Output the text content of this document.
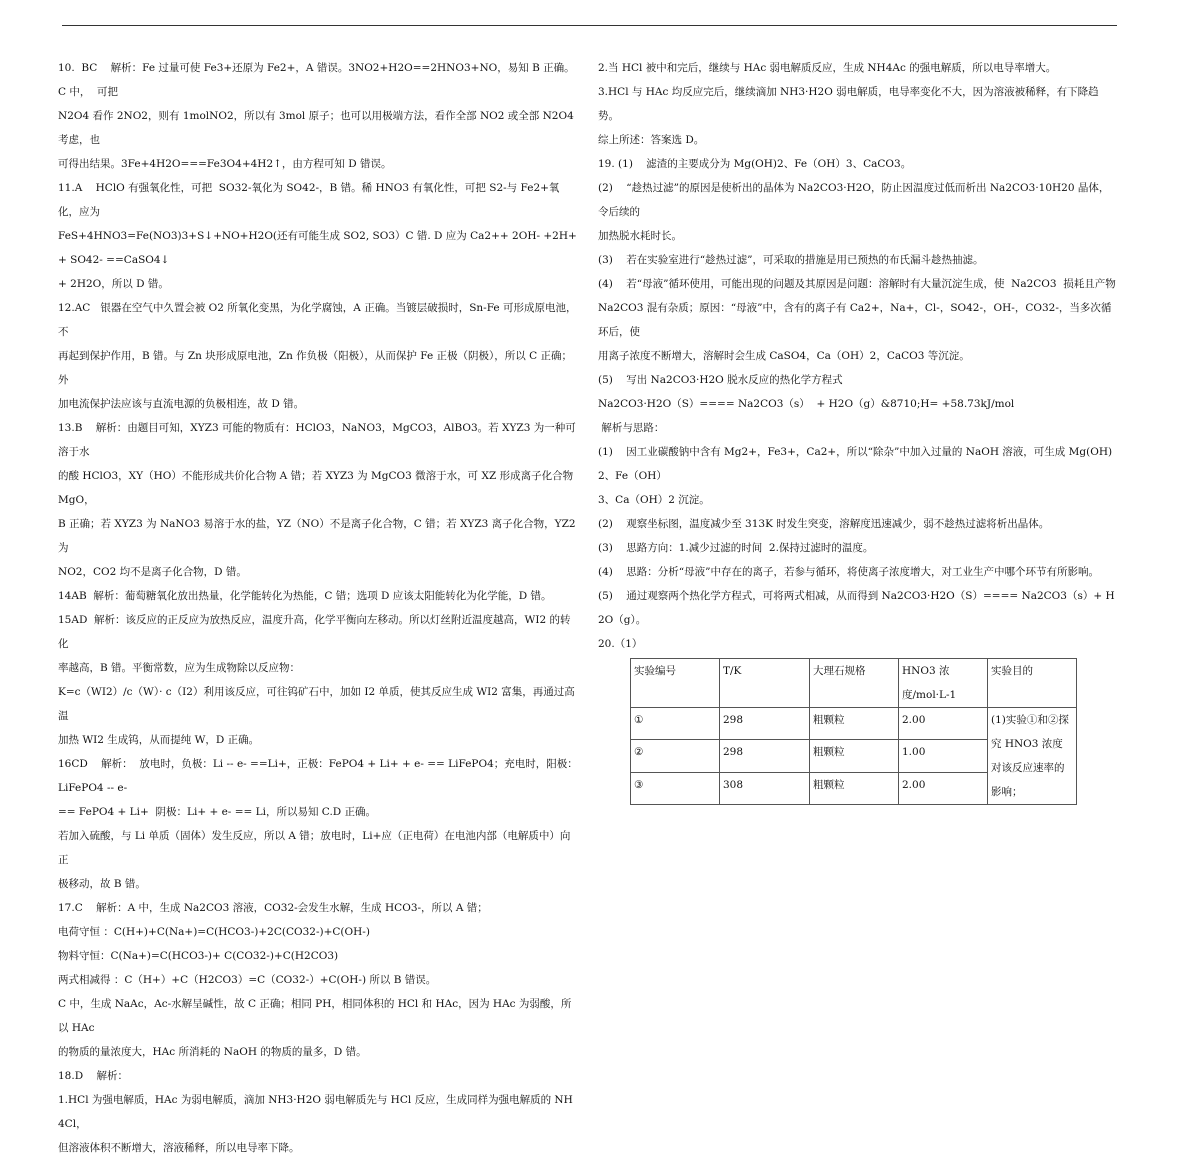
10.  BC    解析：Fe 过量可使 Fe3+还原为 Fe2+，A 错误。3NO2+H2O==2HNO3+NO，易知 B 正确。C 中，  可把

N2O4 看作 2NO2，则有 1molNO2，所以有 3mol 原子；也可以用极端方法，看作全部 NO2 或全部 N2O4 考虑，也

可得出结果。3Fe+4H2O===Fe3O4+4H2↑，由方程可知 D 错误。

11.A    HClO 有强氧化性，可把  SO32-氧化为 SO42-，B 错。稀 HNO3 有氧化性，可把 S2-与 Fe2+氧化，应为

FeS+4HNO3=Fe(NO3)3+S↓+NO+H2O(还有可能生成 SO2, SO3）C 错. D 应为 Ca2++ 2OH- +2H+ + SO42- ==CaSO4↓

+ 2H2O，所以 D 错。

12.AC   银器在空气中久置会被 O2 所氧化变黑，为化学腐蚀，A 正确。当镀层破损时，Sn-Fe 可形成原电池，不

再起到保护作用，B 错。与 Zn 块形成原电池，Zn 作负极（阳极），从而保护 Fe 正极（阴极），所以 C 正确；外

加电流保护法应该与直流电源的负极相连，故 D 错。

13.B    解析：由题目可知，XYZ3 可能的物质有：HClO3，NaNO3，MgCO3，AlBO3。若 XYZ3 为一种可溶于水

的酸 HClO3，XY（HO）不能形成共价化合物 A 错；若 XYZ3 为 MgCO3 微溶于水，可 XZ 形成离子化合物 MgO，

B 正确；若 XYZ3 为 NaNO3 易溶于水的盐，YZ（NO）不是离子化合物，C 错；若 XYZ3 离子化合物，YZ2 为

NO2，CO2 均不是离子化合物，D 错。

14AB  解析：葡萄糖氧化放出热量，化学能转化为热能，C 错；选项 D 应该太阳能转化为化学能，D 错。

15AD  解析：该反应的正反应为放热反应，温度升高，化学平衡向左移动。所以灯丝附近温度越高，WI2 的转化

率越高，B 错。平衡常数，应为生成物除以反应物：

K=c（WI2）/c（W）· c（I2）利用该反应，可往钨矿石中，加如 I2 单质，使其反应生成 WI2 富集，再通过高温

加热 WI2 生成钨，从而提纯 W，D 正确。

16CD    解析：  放电时，负极：Li -- e- ==Li+，正极：FePO4 + Li+ + e- == LiFePO4；充电时，阳极：LiFePO4 -- e-

== FePO4 + Li+  阴极：Li+ + e- == Li，所以易知 C.D 正确。

若加入硫酸，与 Li 单质（固体）发生反应，所以 A 错；放电时，Li+应（正电荷）在电池内部（电解质中）向正

极移动，故 B 错。

17.C    解析：A 中，生成 Na2CO3 溶液，CO32-会发生水解，生成 HCO3-，所以 A 错；

电荷守恒 ：C(H+)+C(Na+)=C(HCO3-)+2C(CO32-)+C(OH-)

物料守恒：C(Na+)=C(HCO3-)+ C(CO32-)+C(H2CO3)

两式相减得 ：C（H+）+C（H2CO3）=C（CO32-）+C(OH-) 所以 B 错误。

C 中，生成 NaAc，Ac-水解呈碱性，故 C 正确；相同 PH，相同体积的 HCl 和 HAc，因为 HAc 为弱酸，所以 HAc

的物质的量浓度大，HAc 所消耗的 NaOH 的物质的量多，D 错。

18.D    解析：

1.HCl 为强电解质，HAc 为弱电解质，滴加 NH3·H2O 弱电解质先与 HCl 反应，生成同样为强电解质的 NH4Cl，

但溶液体积不断增大，溶液稀释，所以电导率下降。

2.当 HCl 被中和完后，继续与 HAc 弱电解质反应，生成 NH4Ac 的强电解质，所以电导率增大。

3.HCl 与 HAc 均反应完后，继续滴加 NH3·H2O 弱电解质，电导率变化不大，因为溶液被稀释，有下降趋势。

综上所述：答案选 D。

19. (1)    滤渣的主要成分为 Mg(OH)2、Fe（OH）3、CaCO3。

(2)    “趁热过滤”的原因是使析出的晶体为 Na2CO3·H2O，防止因温度过低而析出 Na2CO3·10H20 晶体，令后续的

加热脱水耗时长。

(3)    若在实验室进行“趁热过滤”，可采取的措施是用已预热的布氏漏斗趁热抽滤。

(4)    若“母液”循环使用，可能出现的问题及其原因是问题：溶解时有大量沉淀生成，使  Na2CO3  损耗且产物

Na2CO3 混有杂质；原因：“母液”中，含有的离子有 Ca2+，Na+，Cl-，SO42-，OH-，CO32-，当多次循环后，使

用离子浓度不断增大，溶解时会生成 CaSO4，Ca（OH）2，CaCO3 等沉淀。

(5)    写出 Na2CO3·H2O 脱水反应的热化学方程式

Na2CO3·H2O（S）==== Na2CO3（s）  + H2O（g）&8710;H= +58.73kJ/mol

解析与思路：

(1)    因工业碳酸钠中含有 Mg2+，Fe3+，Ca2+，所以“除杂”中加入过量的 NaOH 溶液，可生成 Mg(OH)2、Fe（OH）

3、Ca（OH）2 沉淀。

(2)    观察坐标图，温度减少至 313K 时发生突变，溶解度迅速减少，弱不趁热过滤将析出晶体。

(3)    思路方向：1.减少过滤的时间  2.保持过滤时的温度。

(4)    思路：分析“母液”中存在的离子，若参与循环，将使离子浓度增大，对工业生产中哪个环节有所影响。

(5)    通过观察两个热化学方程式，可将两式相减，从而得到 Na2CO3·H2O（S）==== Na2CO3（s）+ H2O（g）。

20.（1）

实验编号	T/K	大理石规格	HNO3 浓 度/mol·L-1	实验目的
①	298	粗颗粒	2.00	(1)实验①和②探究 HNO3 浓度对该反应速率的影响；
②	298	粗颗粒	1.00	
③	308	粗颗粒	2.00	
